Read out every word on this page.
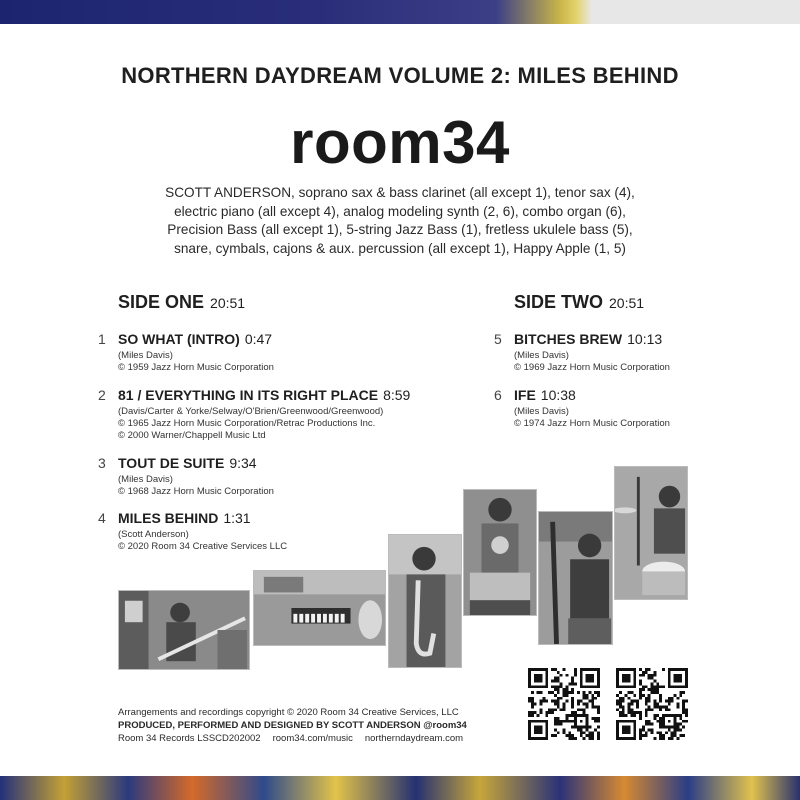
NORTHERN DAYDREAM VOLUME 2: MILES BEHIND
room34
SCOTT ANDERSON, soprano sax & bass clarinet (all except 1), tenor sax (4),
electric piano (all except 4), analog modeling synth (2, 6), combo organ (6),
Precision Bass (all except 1), 5-string Jazz Bass (1), fretless ukulele bass (5),
snare, cymbals, cajons & aux. percussion (all except 1), Happy Apple (1, 5)
SIDE ONE 20:51
1 SO WHAT (INTRO) 0:47
(Miles Davis)
© 1959 Jazz Horn Music Corporation
2 81 / EVERYTHING IN ITS RIGHT PLACE 8:59
(Davis/Carter & Yorke/Selway/O'Brien/Greenwood/Greenwood)
© 1965 Jazz Horn Music Corporation/Retrac Productions Inc.
© 2000 Warner/Chappell Music Ltd
3 TOUT DE SUITE 9:34
(Miles Davis)
© 1968 Jazz Horn Music Corporation
4 MILES BEHIND 1:31
(Scott Anderson)
© 2020 Room 34 Creative Services LLC
SIDE TWO 20:51
5 BITCHES BREW 10:13
(Miles Davis)
© 1969 Jazz Horn Music Corporation
6 IFE 10:38
(Miles Davis)
© 1974 Jazz Horn Music Corporation
Arrangements and recordings copyright © 2020 Room 34 Creative Services, LLC
PRODUCED, PERFORMED AND DESIGNED BY SCOTT ANDERSON @room34
Room 34 Records LSSCD202002 room34.com/music northerndaydream.com
